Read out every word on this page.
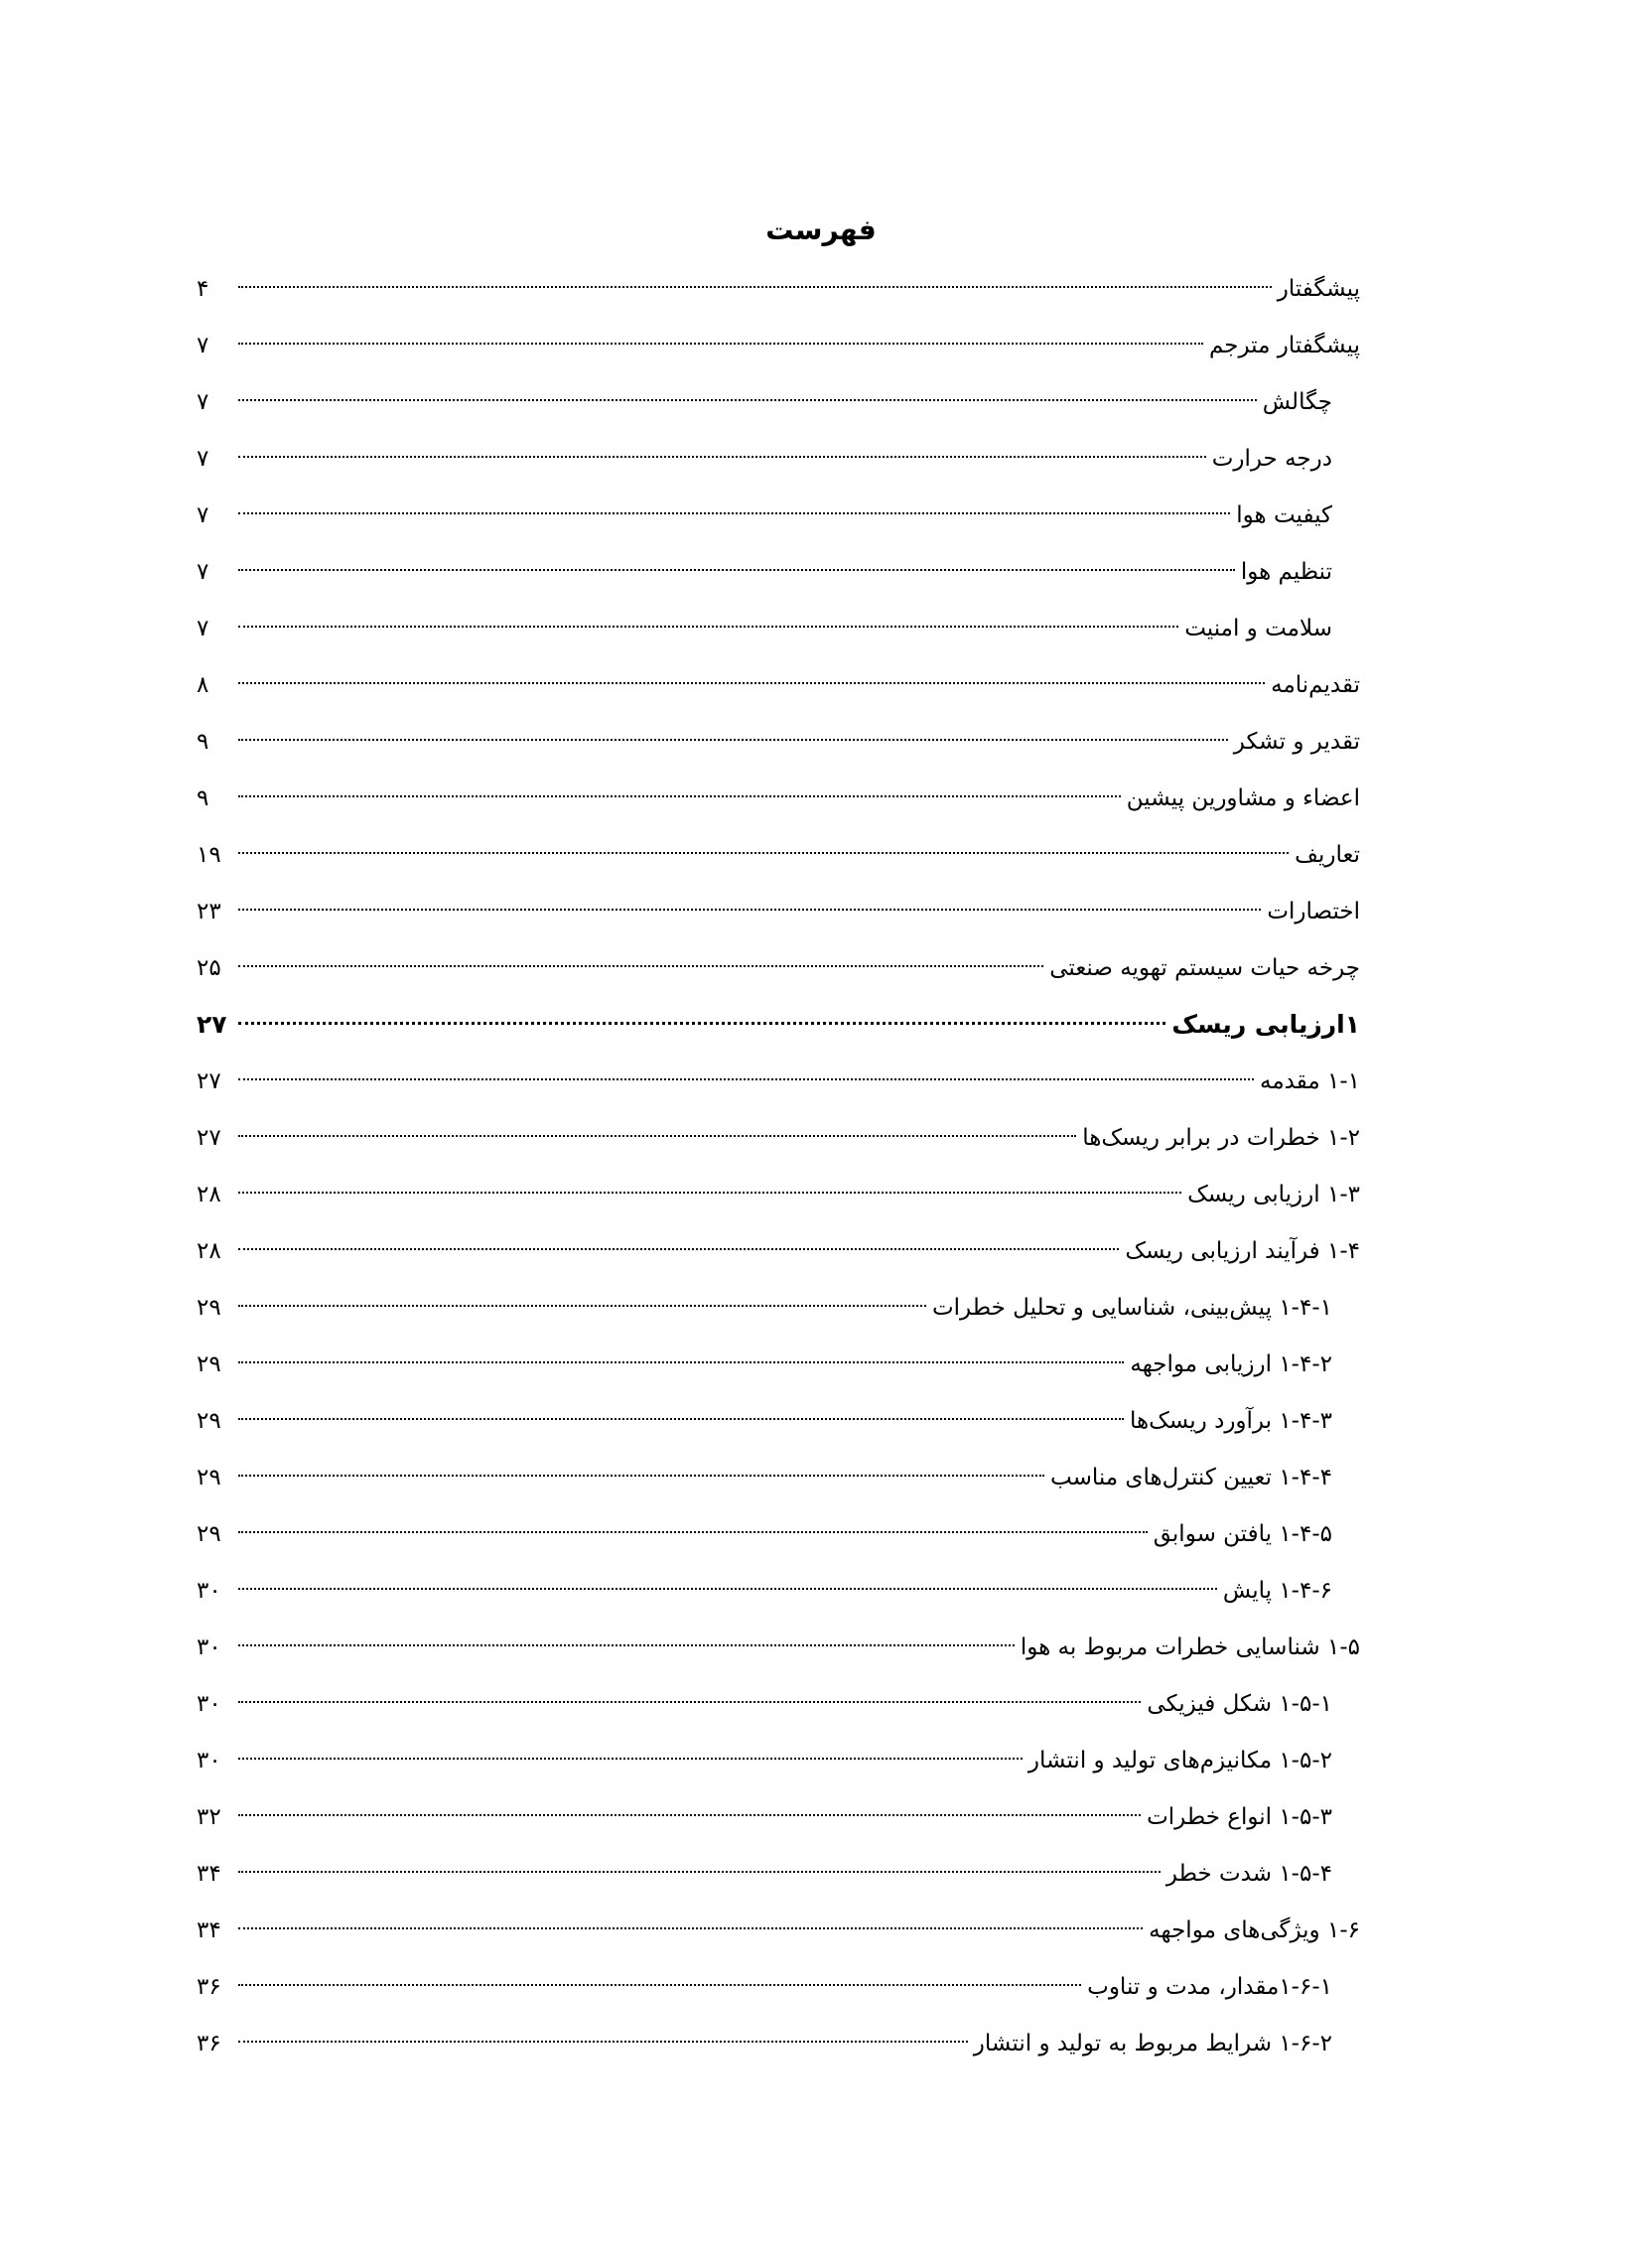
فهرست
پیشگفتار
۴
پیشگفتار مترجم
۷
چگالش
۷
درجه حرارت
۷
کیفیت هوا
۷
تنظیم هوا
۷
سلامت و امنیت
۷
تقدیم‌نامه
۸
تقدیر و تشکر
۹
اعضاء و مشاورین پیشین
۹
تعاریف
۱۹
اختصارات
۲۳
چرخه حیات سیستم تهویه صنعتی
۲۵
۱ارزیابی ریسک
۲۷
۱-۱ مقدمه
۲۷
۱-۲ خطرات در برابر ریسک‌ها
۲۷
۱-۳ ارزیابی ریسک
۲۸
۱-۴ فرآیند ارزیابی ریسک
۲۸
۱-۴-۱ پیش‌بینی، شناسایی و تحلیل خطرات
۲۹
۱-۴-۲ ارزیابی مواجهه
۲۹
۱-۴-۳ برآورد ریسک‌ها
۲۹
۱-۴-۴ تعیین کنترل‌های مناسب
۲۹
۱-۴-۵ یافتن سوابق
۲۹
۱-۴-۶ پایش
۳۰
۱-۵ شناسایی خطرات مربوط به هوا
۳۰
۱-۵-۱ شکل فیزیکی
۳۰
۱-۵-۲ مکانیزم‌های تولید و انتشار
۳۰
۱-۵-۳ انواع خطرات
۳۲
۱-۵-۴ شدت خطر
۳۴
۱-۶ ویژگی‌های مواجهه
۳۴
۱-۶-۱مقدار، مدت و تناوب
۳۶
۱-۶-۲ شرایط مربوط به تولید و انتشار
۳۶
